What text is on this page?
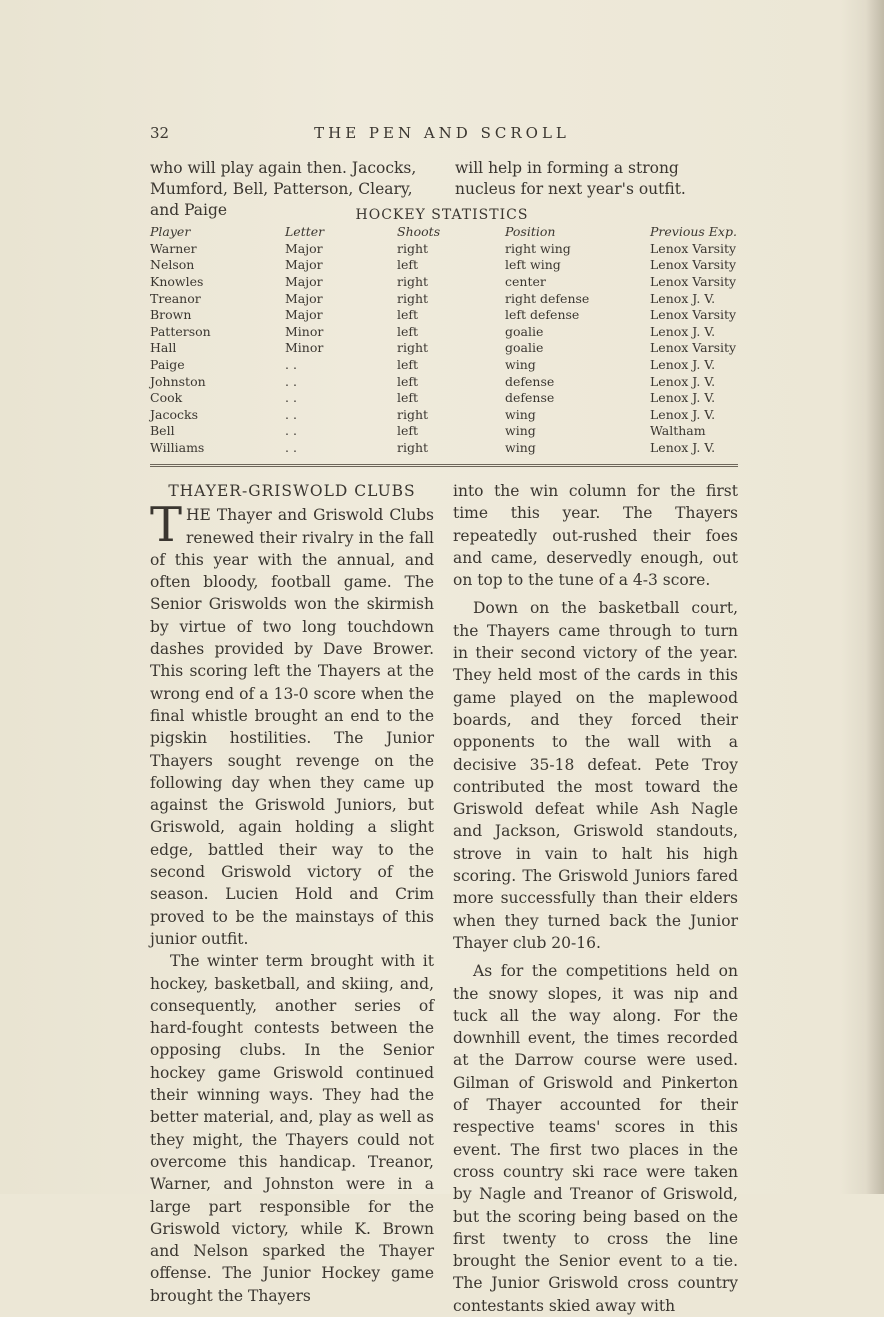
32	THE PEN AND SCROLL

who will play again then. Jacocks, Mumford, Bell, Patterson, Cleary, and Paige

will help in forming a strong nucleus for next year's outfit.

HOCKEY STATISTICS
Player	Letter	Shoots	Position	Previous Exp.
Warner	Major	right	right wing	Lenox Varsity
Nelson	Major	left	left wing	Lenox Varsity
Knowles	Major	right	center	Lenox Varsity
Treanor	Major	right	right defense	Lenox J. V.
Brown	Major	left	left defense	Lenox Varsity
Patterson	Minor	left	goalie	Lenox J. V.
Hall	Minor	right	goalie	Lenox Varsity
Paige	. .	left	wing	Lenox J. V.
Johnston	. .	left	defense	Lenox J. V.
Cook	. .	left	defense	Lenox J. V.
Jacocks	. .	right	wing	Lenox J. V.
Bell	. .	left	wing	Waltham
Williams	. .	right	wing	Lenox J. V.
THAYER-GRISWOLD CLUBS

THE Thayer and Griswold Clubs renewed their rivalry in the fall of this year with the annual, and often bloody, football game. The Senior Griswolds won the skirmish by virtue of two long touchdown dashes provided by Dave Brower. This scoring left the Thayers at the wrong end of a 13-0 score when the final whistle brought an end to the pigskin hostilities. The Junior Thayers sought revenge on the following day when they came up against the Griswold Juniors, but Griswold, again holding a slight edge, battled their way to the second Griswold victory of the season. Lucien Hold and Crim proved to be the mainstays of this junior outfit.

The winter term brought with it hockey, basketball, and skiing, and, consequently, another series of hard-fought contests between the opposing clubs. In the Senior hockey game Griswold continued their winning ways. They had the better material, and, play as well as they might, the Thayers could not overcome this handicap. Treanor, Warner, and Johnston were in a large part responsible for the Griswold victory, while K. Brown and Nelson sparked the Thayer offense. The Junior Hockey game brought the Thayers

into the win column for the first time this year. The Thayers repeatedly out-rushed their foes and came, deservedly enough, out on top to the tune of a 4-3 score.

Down on the basketball court, the Thayers came through to turn in their second victory of the year. They held most of the cards in this game played on the maplewood boards, and they forced their opponents to the wall with a decisive 35-18 defeat. Pete Troy contributed the most toward the Griswold defeat while Ash Nagle and Jackson, Griswold standouts, strove in vain to halt his high scoring. The Griswold Juniors fared more successfully than their elders when they turned back the Junior Thayer club 20-16.

As for the competitions held on the snowy slopes, it was nip and tuck all the way along. For the downhill event, the times recorded at the Darrow course were used. Gilman of Griswold and Pinkerton of Thayer accounted for their respective teams' scores in this event. The first two places in the cross country ski race were taken by Nagle and Treanor of Griswold, but the scoring being based on the first twenty to cross the line brought the Senior event to a tie. The Junior Griswold cross country contestants skied away with
